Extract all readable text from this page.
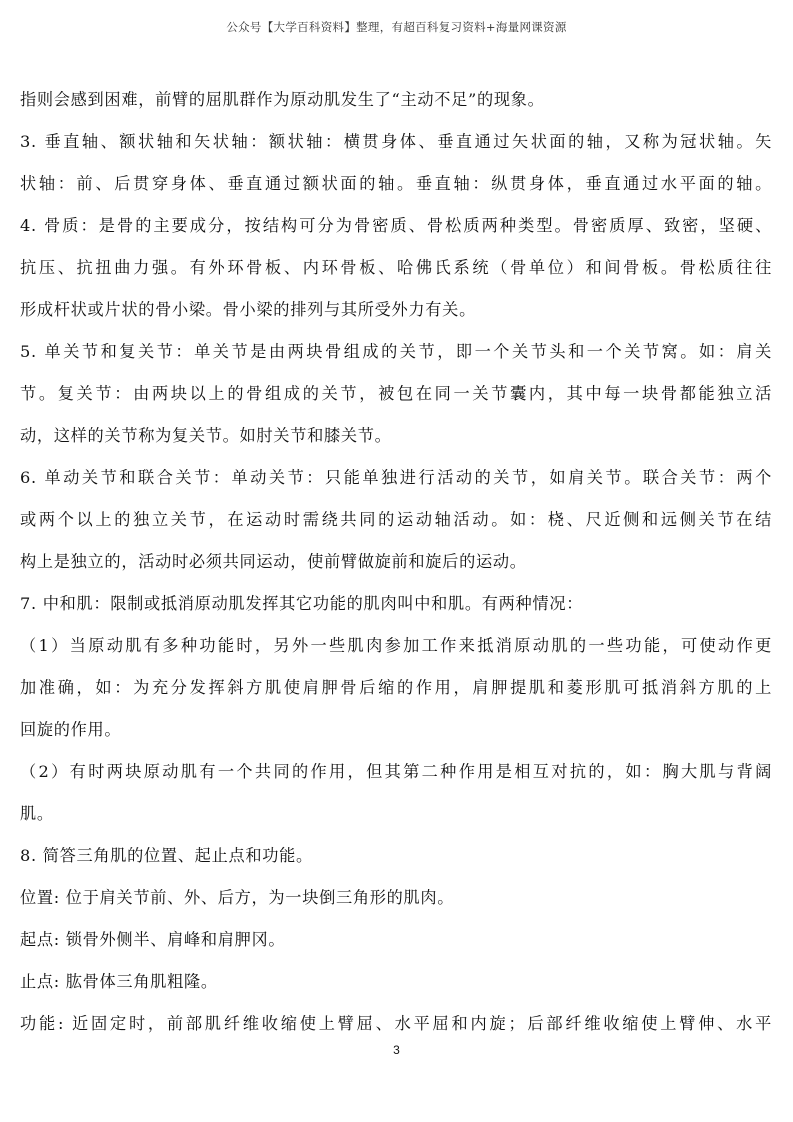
公众号【大学百科资料】整理，有超百科复习资料+海量网课资源
指则会感到困难，前臂的屈肌群作为原动肌发生了“主动不足”的现象。
3. 垂直轴、额状轴和矢状轴：额状轴：横贯身体、垂直通过矢状面的轴，又称为冠状轴。矢
状轴：前、后贯穿身体、垂直通过额状面的轴。垂直轴：纵贯身体，垂直通过水平面的轴。
4. 骨质：是骨的主要成分，按结构可分为骨密质、骨松质两种类型。骨密质厚、致密，坚硬、
抗压、抗扭曲力强。有外环骨板、内环骨板、哈佛氏系统（骨单位）和间骨板。骨松质往往
形成杆状或片状的骨小梁。骨小梁的排列与其所受外力有关。
5. 单关节和复关节：单关节是由两块骨组成的关节，即一个关节头和一个关节窝。如：肩关
节。复关节：由两块以上的骨组成的关节，被包在同一关节囊内，其中每一块骨都能独立活
动，这样的关节称为复关节。如肘关节和膝关节。
6. 单动关节和联合关节：单动关节：只能单独进行活动的关节，如肩关节。联合关节：两个
或两个以上的独立关节，在运动时需绕共同的运动轴活动。如：桡、尺近侧和远侧关节在结
构上是独立的，活动时必须共同运动，使前臂做旋前和旋后的运动。
7. 中和肌：限制或抵消原动肌发挥其它功能的肌肉叫中和肌。有两种情况：
（1）当原动肌有多种功能时，另外一些肌肉参加工作来抵消原动肌的一些功能，可使动作更
加准确，如：为充分发挥斜方肌使肩胛骨后缩的作用，肩胛提肌和菱形肌可抵消斜方肌的上
回旋的作用。
（2）有时两块原动肌有一个共同的作用，但其第二种作用是相互对抗的，如：胸大肌与背阔
肌。
8. 简答三角肌的位置、起止点和功能。
位置: 位于肩关节前、外、后方，为一块倒三角形的肌肉。
起点: 锁骨外侧半、肩峰和肩胛冈。
止点: 肱骨体三角肌粗隆。
功能: 近固定时，前部肌纤维收缩使上臂屈、水平屈和内旋；后部纤维收缩使上臂伸、水平
3
